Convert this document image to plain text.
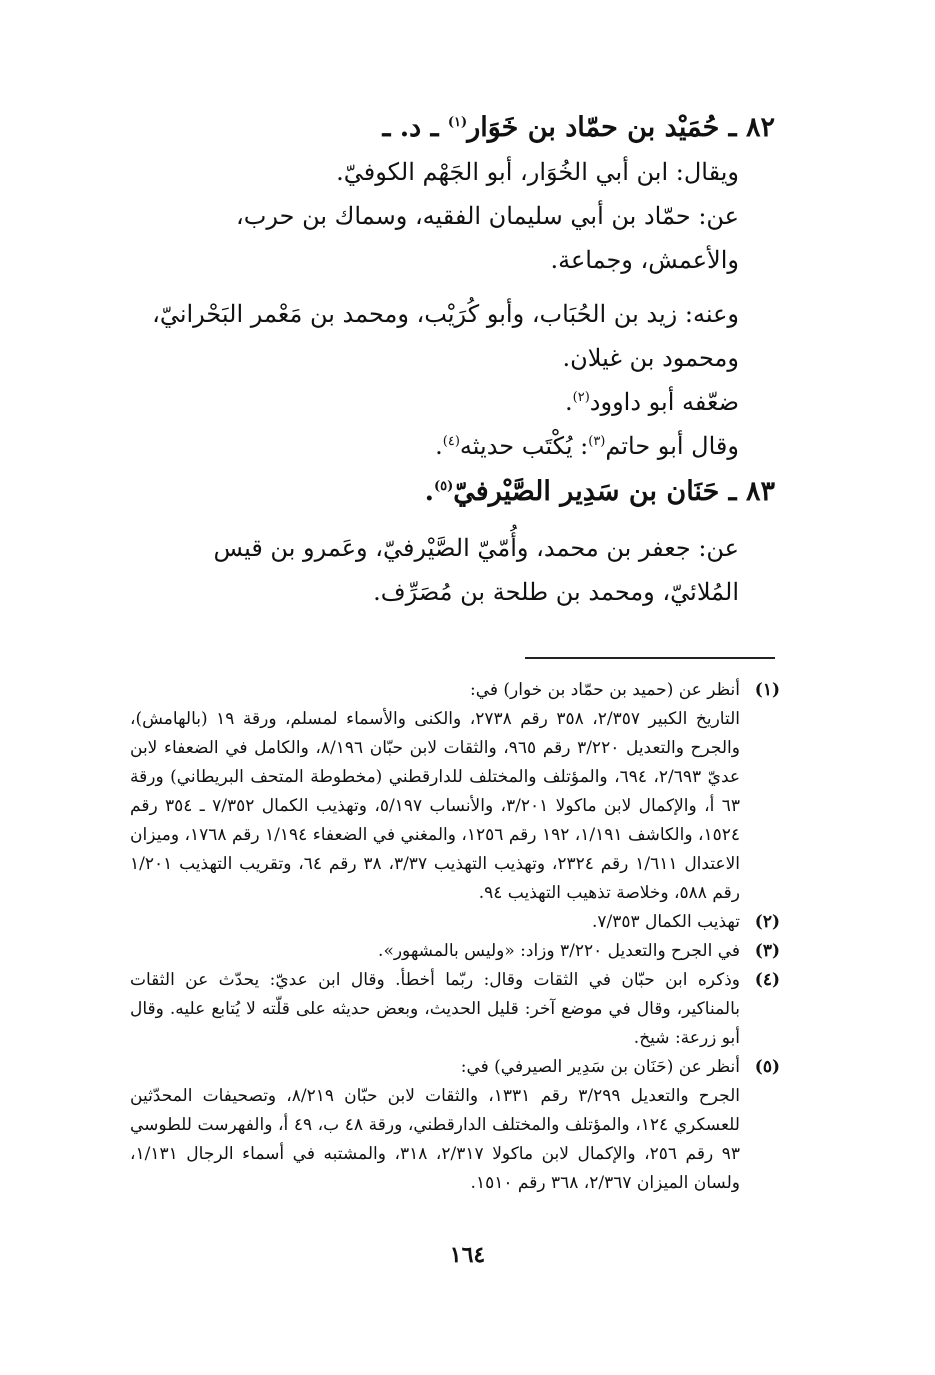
٨٢ ـ حُمَيْد بن حمّاد بن خَوَار$^{(١)}$ ـ د. ـ
ويقال: ابن أبي الخُوَار، أبو الجَهْم الكوفيّ.
عن: حمّاد بن أبي سليمان الفقيه، وسماك بن حرب، والأعمش، وجماعة.
وعنه: زيد بن الحُبَاب، وأبو كُرَيْب، ومحمد بن مَعْمر البَحْرانيّ، ومحمود بن غيلان.
ضعّفه أبو داوود$^{(٢)}$.
وقال أبو حاتم$^{(٣)}$: يُكْتَب حديثه$^{(٤)}$.
٨٣ ـ حَنَان بن سَدِير الصَّيْرفيّ$^{(٥)}$.
عن: جعفر بن محمد، وأُمّيّ الصَّيْرفيّ، وعَمرو بن قيس المُلائيّ، ومحمد بن طلحة بن مُصَرِّف.
(١)

أنظر عن (حميد بن حمّاد بن خوار) في:

التاريخ الكبير ٢/٣٥٧، ٣٥٨ رقم ٢٧٣٨، والكنى والأسماء لمسلم، ورقة ١٩ (بالهامش)، والجرح والتعديل ٣/٢٢٠ رقم ٩٦٥، والثقات لابن حبّان ٨/١٩٦، والكامل في الضعفاء لابن عديّ ٢/٦٩٣، ٦٩٤، والمؤتلف والمختلف للدارقطني (مخطوطة المتحف البريطاني) ورقة ٦٣ أ، والإكمال لابن ماكولا ٣/٢٠١، والأنساب ٥/١٩٧، وتهذيب الكمال ٧/٣٥٢ ـ ٣٥٤ رقم ١٥٢٤، والكاشف ١/١٩١، ١٩٢ رقم ١٢٥٦، والمغني في الضعفاء ١/١٩٤ رقم ١٧٦٨، وميزان الاعتدال ١/٦١١ رقم ٢٣٢٤، وتهذيب التهذيب ٣/٣٧، ٣٨ رقم ٦٤، وتقريب التهذيب ١/٢٠١ رقم ٥٨٨، وخلاصة تذهيب التهذيب ٩٤.

(٢)

تهذيب الكمال ٧/٣٥٣.

(٣)

في الجرح والتعديل ٣/٢٢٠ وزاد: «وليس بالمشهور».

(٤)

وذكره ابن حبّان في الثقات وقال: ربّما أخطأ. وقال ابن عديّ: يحدّث عن الثقات بالمناكير، وقال في موضع آخر: قليل الحديث، وبعض حديثه على قلّته لا يُتابع عليه. وقال أبو زرعة: شيخ.

(٥)

أنظر عن (حَنَان بن سَدِير الصيرفي) في:

الجرح والتعديل ٣/٢٩٩ رقم ١٣٣١، والثقات لابن حبّان ٨/٢١٩، وتصحيفات المحدّثين للعسكري ١٢٤، والمؤتلف والمختلف الدارقطني، ورقة ٤٨ ب، ٤٩ أ، والفهرست للطوسي ٩٣ رقم ٢٥٦، والإكمال لابن ماكولا ٢/٣١٧، ٣١٨، والمشتبه في أسماء الرجال ١/١٣١، ولسان الميزان ٢/٣٦٧، ٣٦٨ رقم ١٥١٠.

١٦٤
